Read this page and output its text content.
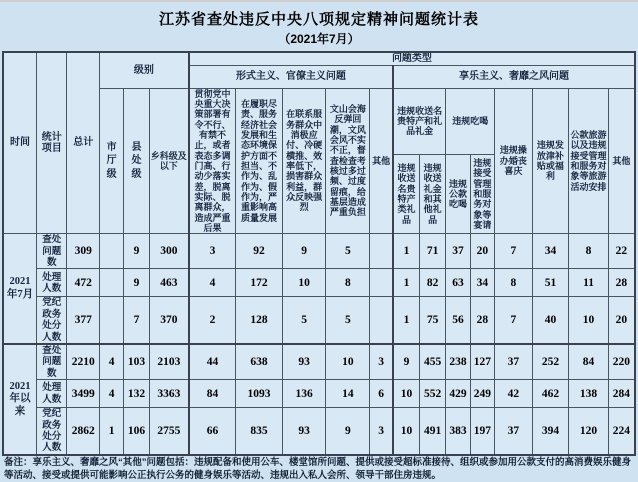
江苏省查处违反中央八项规定精神问题统计表
（2021年7月）
时间	统计项目	总计	级别			问题类型												
						形式主义、官僚主义问题					享乐主义、奢靡之风问题							

			市厅级	县处级	乡科级及以下	贯彻党中央重大决策部署有令不行、有禁不止，或者表态多调门高、行动少落实差，脱离实际、脱离群众，造成严重后果	在履职尽责、服务经济社会发展和生态环境保护方面不担当、不作为、乱作为、假作为，严重影响高质量发展	在联系服务群众中消极应付、冷硬横推、效率低下，损害群众利益，群众反映强烈	文山会海反弹回潮，文风会风不实不正，督查检查考核过多过频、过度留痕，给基层造成严重负担	其他	违规收送名贵特产和礼品礼金		违规吃喝		违规操办婚丧喜庆	违规发放津补贴或福利	公款旅游以及违规接受管理和服务对象等旅游活动安排	其他
											违规收送名贵特产类礼品	违规收送礼金和其他礼品	违规公款吃喝	违规接受管理和服务对象等宴请				
2021年7月	查处问题数	309		9	300	3	92	9	5		1	71	37	20	7	34	8	22
	处理人数	472		9	463	4	172	10	8		1	82	63	34	8	51	11	28
	党纪政务处分人数	377		7	370	2	128	5	5		1	75	56	28	7	40	10	20
2021年以来	查处问题数	2210	4	103	2103	44	638	93	10	3	9	455	238	127	37	252	84	220
	处理人数	3499	4	132	3363	84	1093	136	14	6	10	552	429	249	42	462	138	284
	党纪政务处分人数	2862	1	106	2755	66	835	93	9	3	10	491	383	197	37	394	120	224
备注：享乐主义、奢靡之风“其他”问题包括：违规配备和使用公车、楼堂馆所问题、提供或接受超标准接待、组织或参加用公款支付的高消费娱乐健身等活动、接受或提供可能影响公正执行公务的健身娱乐等活动、违规出入私人会所、领导干部住房违规。
